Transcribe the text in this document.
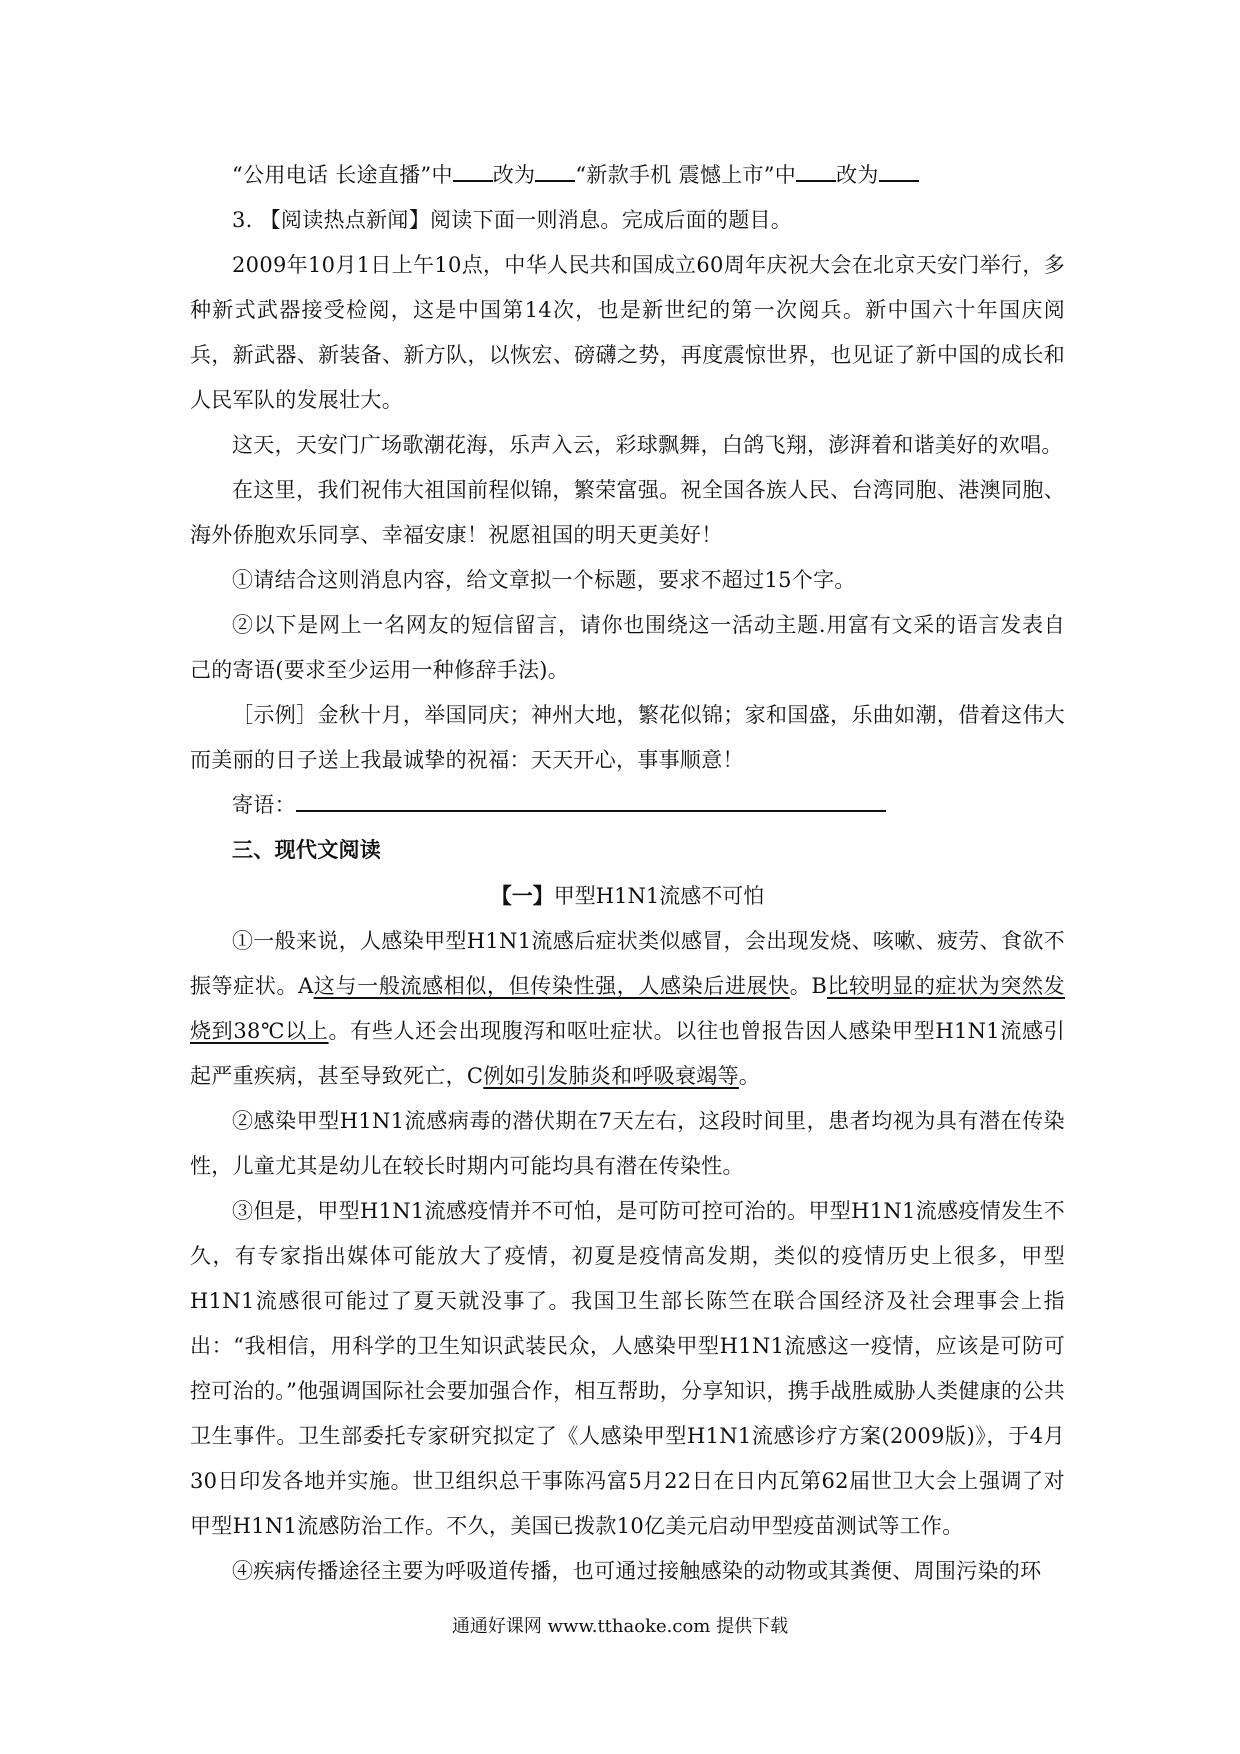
“公用电话 长途直播”中 改为 “新款手机 震憾上市”中 改为

3. 【阅读热点新闻】阅读下面一则消息。完成后面的题目。

2009年10月1日上午10点，中华人民共和国成立60周年庆祝大会在北京天安门举行，多种新式武器接受检阅，这是中国第14次，也是新世纪的第一次阅兵。新中国六十年国庆阅兵，新武器、新装备、新方队，以恢宏、磅礴之势，再度震惊世界，也见证了新中国的成长和人民军队的发展壮大。

这天，天安门广场歌潮花海，乐声入云，彩球飘舞，白鸽飞翔，澎湃着和谐美好的欢唱。

在这里，我们祝伟大祖国前程似锦，繁荣富强。祝全国各族人民、台湾同胞、港澳同胞、海外侨胞欢乐同享、幸福安康！祝愿祖国的明天更美好！

①请结合这则消息内容，给文章拟一个标题，要求不超过15个字。

②以下是网上一名网友的短信留言，请你也围绕这一活动主题.用富有文采的语言发表自己的寄语(要求至少运用一种修辞手法)。

［示例］金秋十月，举国同庆；神州大地，繁花似锦；家和国盛，乐曲如潮，借着这伟大而美丽的日子送上我最诚挚的祝福：天天开心，事事顺意！

寄语：

三、现代文阅读

【一】甲型H1N1流感不可怕

①一般来说，人感染甲型H1N1流感后症状类似感冒，会出现发烧、咳嗽、疲劳、食欲不振等症状。A这与一般流感相似，但传染性强，人感染后进展快。B比较明显的症状为突然发烧到38℃以上。有些人还会出现腹泻和呕吐症状。以往也曾报告因人感染甲型H1N1流感引起严重疾病，甚至导致死亡，C例如引发肺炎和呼吸衰竭等。

②感染甲型H1N1流感病毒的潜伏期在7天左右，这段时间里，患者均视为具有潜在传染性，儿童尤其是幼儿在较长时期内可能均具有潜在传染性。

③但是，甲型H1N1流感疫情并不可怕，是可防可控可治的。甲型H1N1流感疫情发生不久，有专家指出媒体可能放大了疫情，初夏是疫情高发期，类似的疫情历史上很多，甲型H1N1流感很可能过了夏天就没事了。我国卫生部长陈竺在联合国经济及社会理事会上指出：“我相信，用科学的卫生知识武装民众，人感染甲型H1N1流感这一疫情，应该是可防可控可治的。”他强调国际社会要加强合作，相互帮助，分享知识，携手战胜威胁人类健康的公共卫生事件。卫生部委托专家研究拟定了《人感染甲型H1N1流感诊疗方案(2009版)》，于4月30日印发各地并实施。世卫组织总干事陈冯富5月22日在日内瓦第62届世卫大会上强调了对甲型H1N1流感防治工作。不久，美国已拨款10亿美元启动甲型疫苗测试等工作。

④疾病传播途径主要为呼吸道传播，也可通过接触感染的动物或其粪便、周围污染的环

通通好课网 www.tthaoke.com 提供下载
